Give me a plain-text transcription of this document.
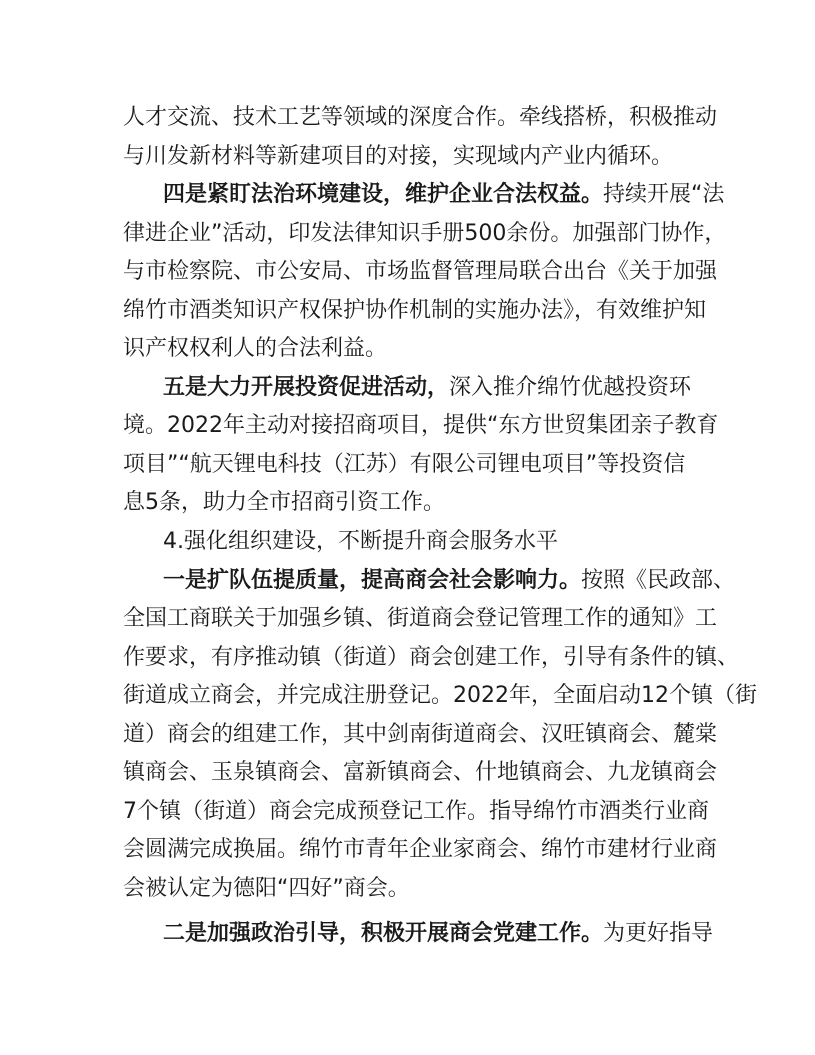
人才交流、技术工艺等领域的深度合作。牵线搭桥，积极推动
与川发新材料等新建项目的对接，实现域内产业内循环。
四是紧盯法治环境建设，维护企业合法权益。持续开展“法
律进企业”活动，印发法律知识手册500余份。加强部门协作，
与市检察院、市公安局、市场监督管理局联合出台《关于加强
绵竹市酒类知识产权保护协作机制的实施办法》，有效维护知
识产权权利人的合法利益。
五是大力开展投资促进活动，深入推介绵竹优越投资环
境。2022年主动对接招商项目，提供“东方世贸集团亲子教育
项目”“航天锂电科技（江苏）有限公司锂电项目”等投资信
息5条，助力全市招商引资工作。
4.强化组织建设，不断提升商会服务水平
一是扩队伍提质量，提高商会社会影响力。按照《民政部、
全国工商联关于加强乡镇、街道商会登记管理工作的通知》工
作要求，有序推动镇（街道）商会创建工作，引导有条件的镇、
街道成立商会，并完成注册登记。2022年，全面启动12个镇（街
道）商会的组建工作，其中剑南街道商会、汉旺镇商会、麓棠
镇商会、玉泉镇商会、富新镇商会、什地镇商会、九龙镇商会
7个镇（街道）商会完成预登记工作。指导绵竹市酒类行业商
会圆满完成换届。绵竹市青年企业家商会、绵竹市建材行业商
会被认定为德阳“四好”商会。
二是加强政治引导，积极开展商会党建工作。为更好指导
